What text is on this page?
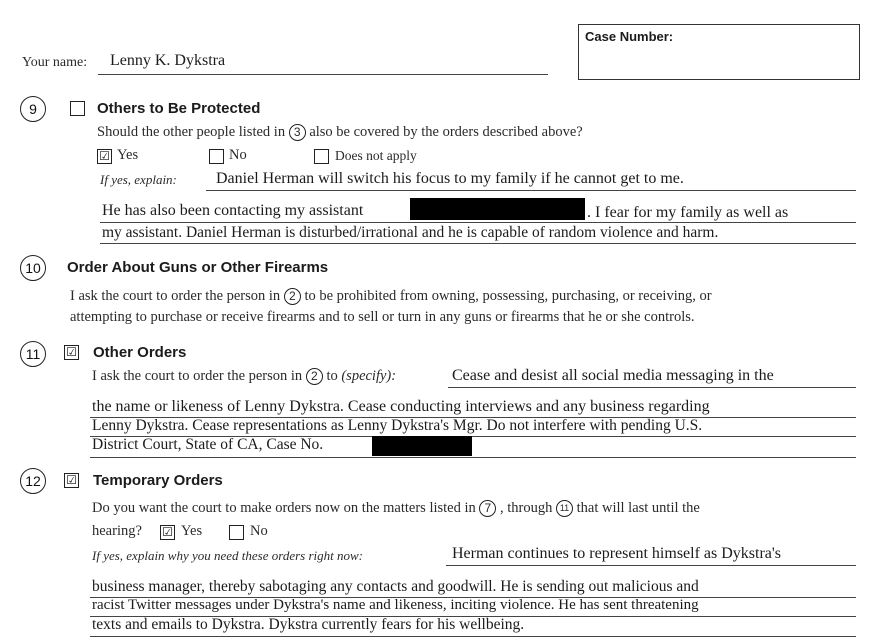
Your name: Lenny K. Dykstra
Case Number:
9	Others to Be Protected
Should the other people listed in 3 also be covered by the orders described above?
☑ Yes	No	Does not apply
If yes, explain: Daniel Herman will switch his focus to my family if he cannot get to me.
He has also been contacting my assistant	. I fear for my family as well as
my assistant. Daniel Herman is disturbed/irrational and he is capable of random violence and harm.
10	Order About Guns or Other Firearms
I ask the court to order the person in 2 to be prohibited from owning, possessing, purchasing, or receiving, or
attempting to purchase or receive firearms and to sell or turn in any guns or firearms that he or she controls.
11	☑ Other Orders
I ask the court to order the person in 2 to (specify):	Cease and desist all social media messaging in the
the name or likeness of Lenny Dykstra. Cease conducting interviews and any business regarding
Lenny Dykstra. Cease representations as Lenny Dykstra's Mgr. Do not interfere with pending U.S.
District Court, State of CA, Case No.
12	☑ Temporary Orders
Do you want the court to make orders now on the matters listed in 7 , through 11 that will last until the
hearing? ☑ Yes	No
If yes, explain why you need these orders right now:	Herman continues to represent himself as Dykstra's
business manager, thereby sabotaging any contacts and goodwill. He is sending out malicious and
racist Twitter messages under Dykstra's name and likeness, inciting violence. He has sent threatening
texts and emails to Dykstra. Dykstra currently fears for his wellbeing.
